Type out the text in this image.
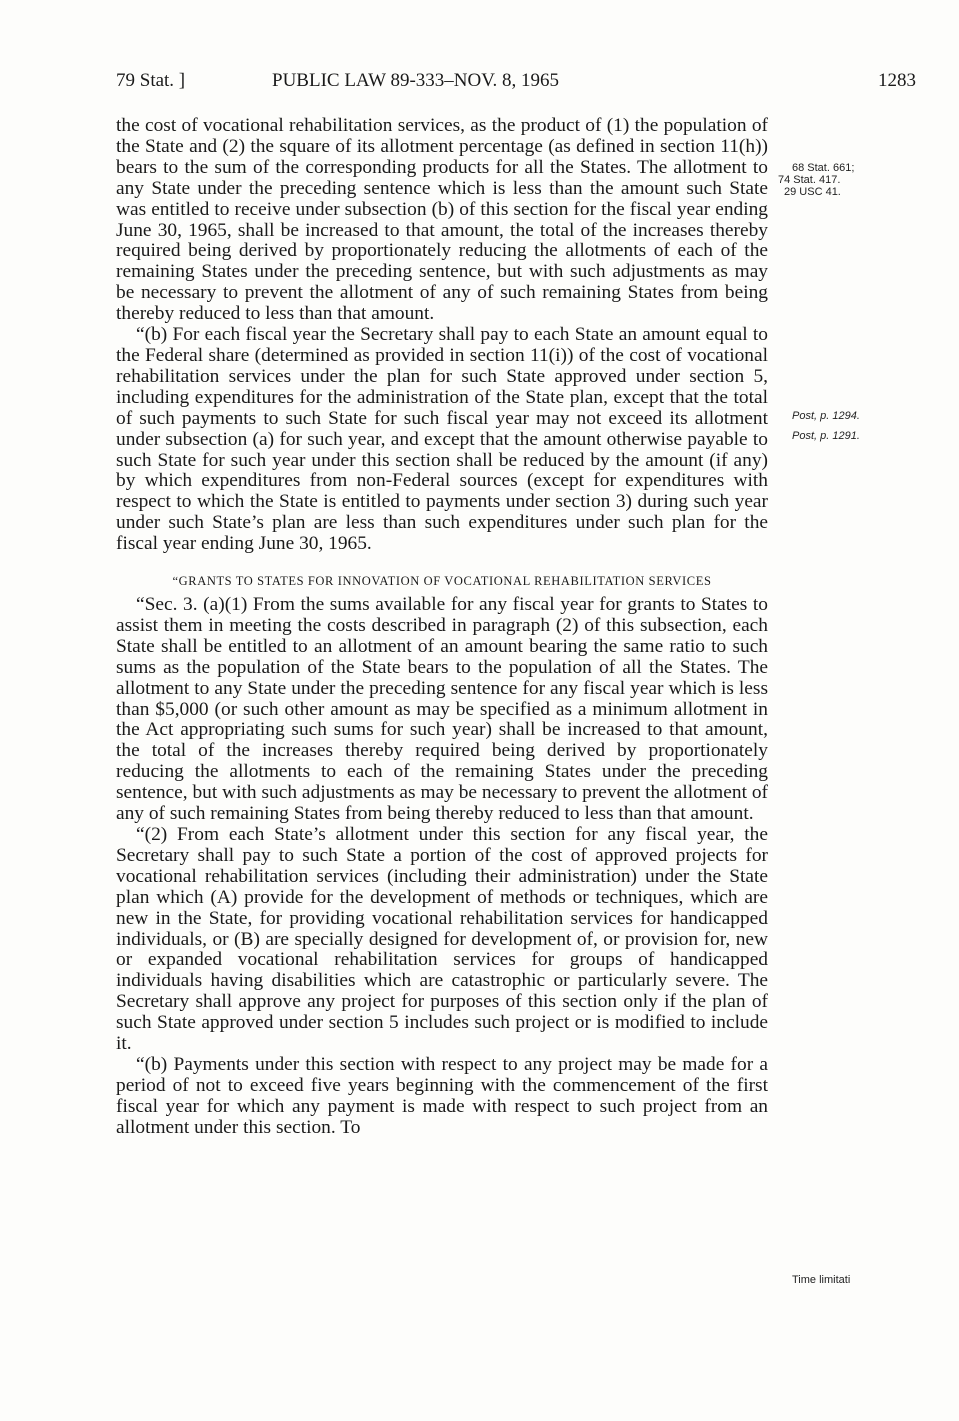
79 Stat. ]	PUBLIC LAW 89-333–NOV. 8, 1965	1283

the cost of vocational rehabilitation services, as the product of (1) the population of the State and (2) the square of its allotment percentage (as defined in section 11(h)) bears to the sum of the corresponding products for all the States. The allotment to any State under the preceding sentence which is less than the amount such State was entitled to receive under subsection (b) of this section for the fiscal year ending June 30, 1965, shall be increased to that amount, the total of the increases thereby required being derived by proportionately reducing the allotments of each of the remaining States under the preceding sentence, but with such adjustments as may be necessary to prevent the allotment of any of such remaining States from being thereby reduced to less than that amount.

“(b) For each fiscal year the Secretary shall pay to each State an amount equal to the Federal share (determined as provided in section 11(i)) of the cost of vocational rehabilitation services under the plan for such State approved under section 5, including expenditures for the administration of the State plan, except that the total of such payments to such State for such fiscal year may not exceed its allotment under subsection (a) for such year, and except that the amount otherwise payable to such State for such year under this section shall be reduced by the amount (if any) by which expenditures from non-Federal sources (except for expenditures with respect to which the State is entitled to payments under section 3) during such year under such State’s plan are less than such expenditures under such plan for the fiscal year ending June 30, 1965.

“GRANTS TO STATES FOR INNOVATION OF VOCATIONAL REHABILITATION SERVICES

“Sec. 3. (a)(1) From the sums available for any fiscal year for grants to States to assist them in meeting the costs described in paragraph (2) of this subsection, each State shall be entitled to an allotment of an amount bearing the same ratio to such sums as the population of the State bears to the population of all the States. The allotment to any State under the preceding sentence for any fiscal year which is less than $5,000 (or such other amount as may be specified as a minimum allotment in the Act appropriating such sums for such year) shall be increased to that amount, the total of the increases thereby required being derived by proportionately reducing the allotments to each of the remaining States under the preceding sentence, but with such adjustments as may be necessary to prevent the allotment of any of such remaining States from being thereby reduced to less than that amount.

“(2) From each State’s allotment under this section for any fiscal year, the Secretary shall pay to such State a portion of the cost of approved projects for vocational rehabilitation services (including their administration) under the State plan which (A) provide for the development of methods or techniques, which are new in the State, for providing vocational rehabilitation services for handicapped individuals, or (B) are specially designed for development of, or provision for, new or expanded vocational rehabilitation services for groups of handicapped individuals having disabilities which are catastrophic or particularly severe. The Secretary shall approve any project for purposes of this section only if the plan of such State approved under section 5 includes such project or is modified to include it.

“(b) Payments under this section with respect to any project may be made for a period of not to exceed five years beginning with the commencement of the first fiscal year for which any payment is made with respect to such project from an allotment under this section. To

68 Stat. 661;
74 Stat. 417.
29 USC 41.
Post, p. 1294.
Post, p. 1291.
Time limitati
